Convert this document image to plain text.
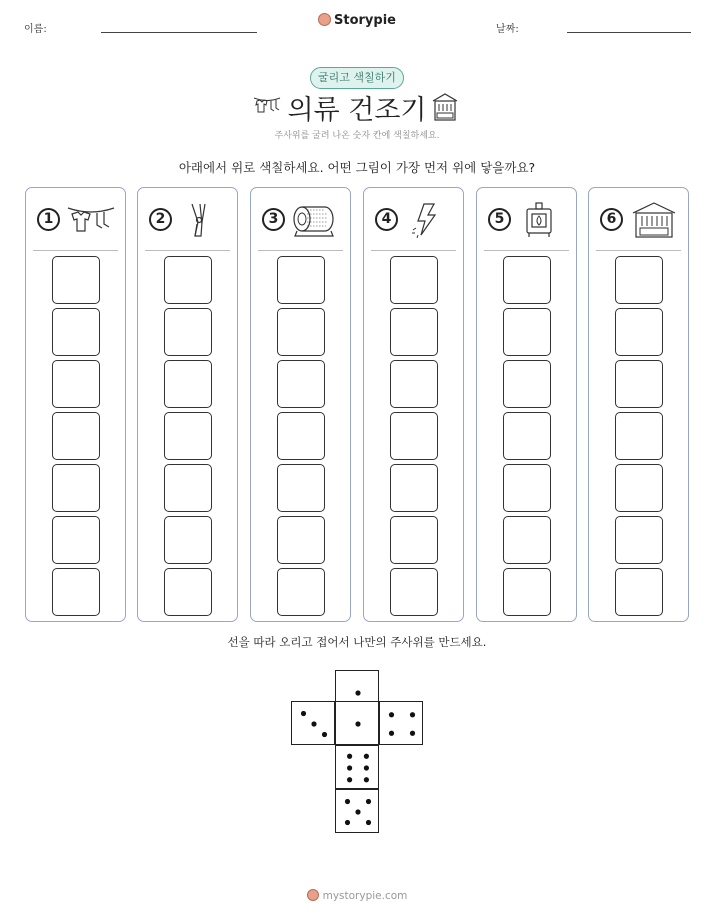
이름:
Storypie
날짜:
굴리고 색칠하기
의류 건조기
주사위를 굴려 나온 숫자 칸에 색칠하세요.
아래에서 위로 색칠하세요. 어떤 그림이 가장 먼저 위에 닿을까요?
1	2	3	4	5	6
선을 따라 오리고 접어서 나만의 주사위를 만드세요.
mystorypie.com
